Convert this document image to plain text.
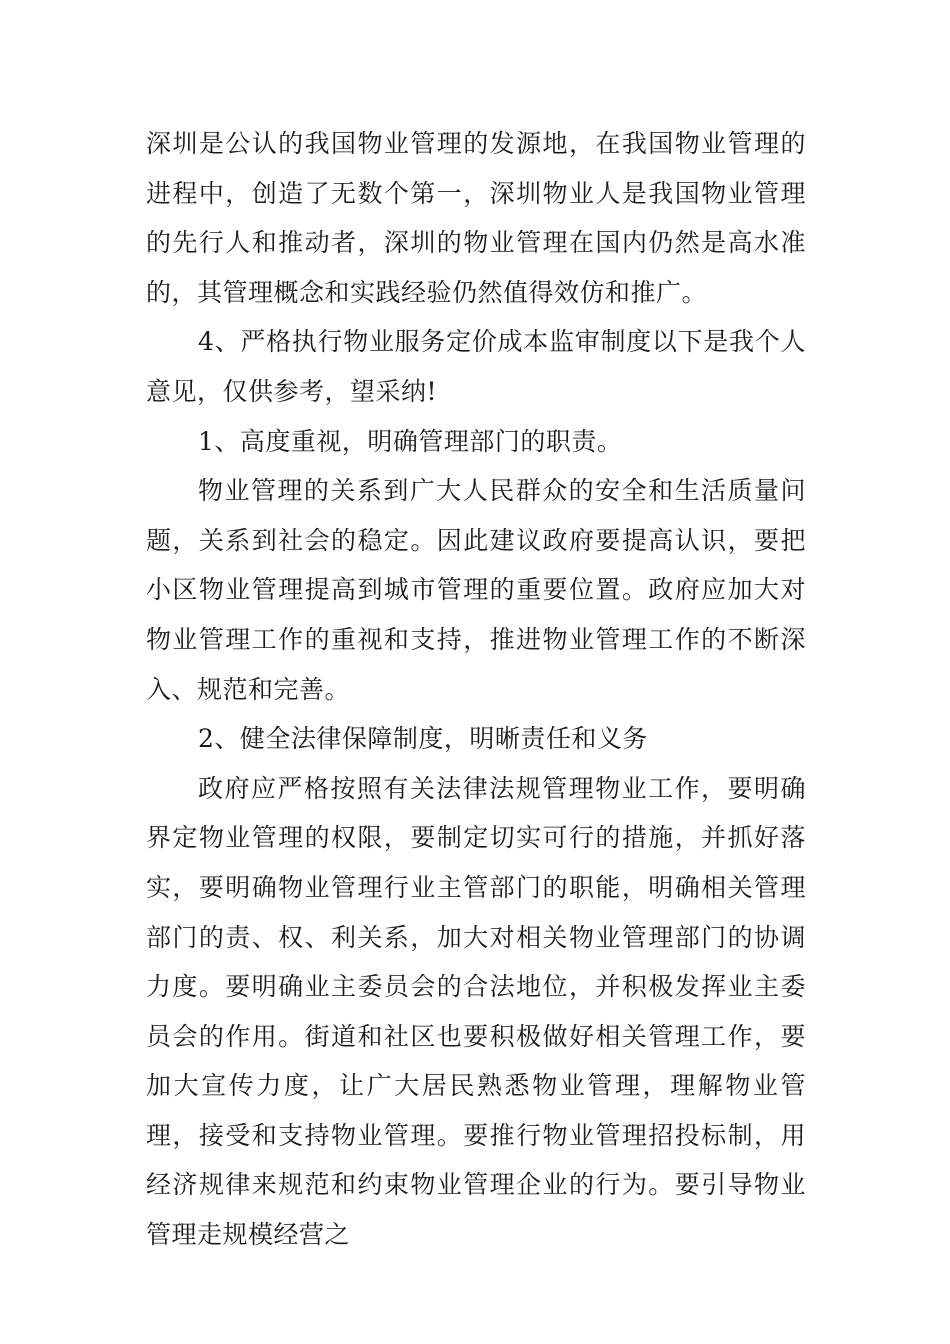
深圳是公认的我国物业管理的发源地，在我国物业管理的进程中，创造了无数个第一，深圳物业人是我国物业管理的先行人和推动者，深圳的物业管理在国内仍然是高水准的，其管理概念和实践经验仍然值得效仿和推广。

4、严格执行物业服务定价成本监审制度以下是我个人意见，仅供参考，望采纳!

1、高度重视，明确管理部门的职责。

物业管理的关系到广大人民群众的安全和生活质量问题，关系到社会的稳定。因此建议政府要提高认识，要把小区物业管理提高到城市管理的重要位置。政府应加大对物业管理工作的重视和支持，推进物业管理工作的不断深入、规范和完善。

2、健全法律保障制度，明晰责任和义务

政府应严格按照有关法律法规管理物业工作，要明确界定物业管理的权限，要制定切实可行的措施，并抓好落实，要明确物业管理行业主管部门的职能，明确相关管理部门的责、权、利关系，加大对相关物业管理部门的协调力度。要明确业主委员会的合法地位，并积极发挥业主委员会的作用。街道和社区也要积极做好相关管理工作，要加大宣传力度，让广大居民熟悉物业管理，理解物业管理，接受和支持物业管理。要推行物业管理招投标制，用经济规律来规范和约束物业管理企业的行为。要引导物业管理走规模经营之
